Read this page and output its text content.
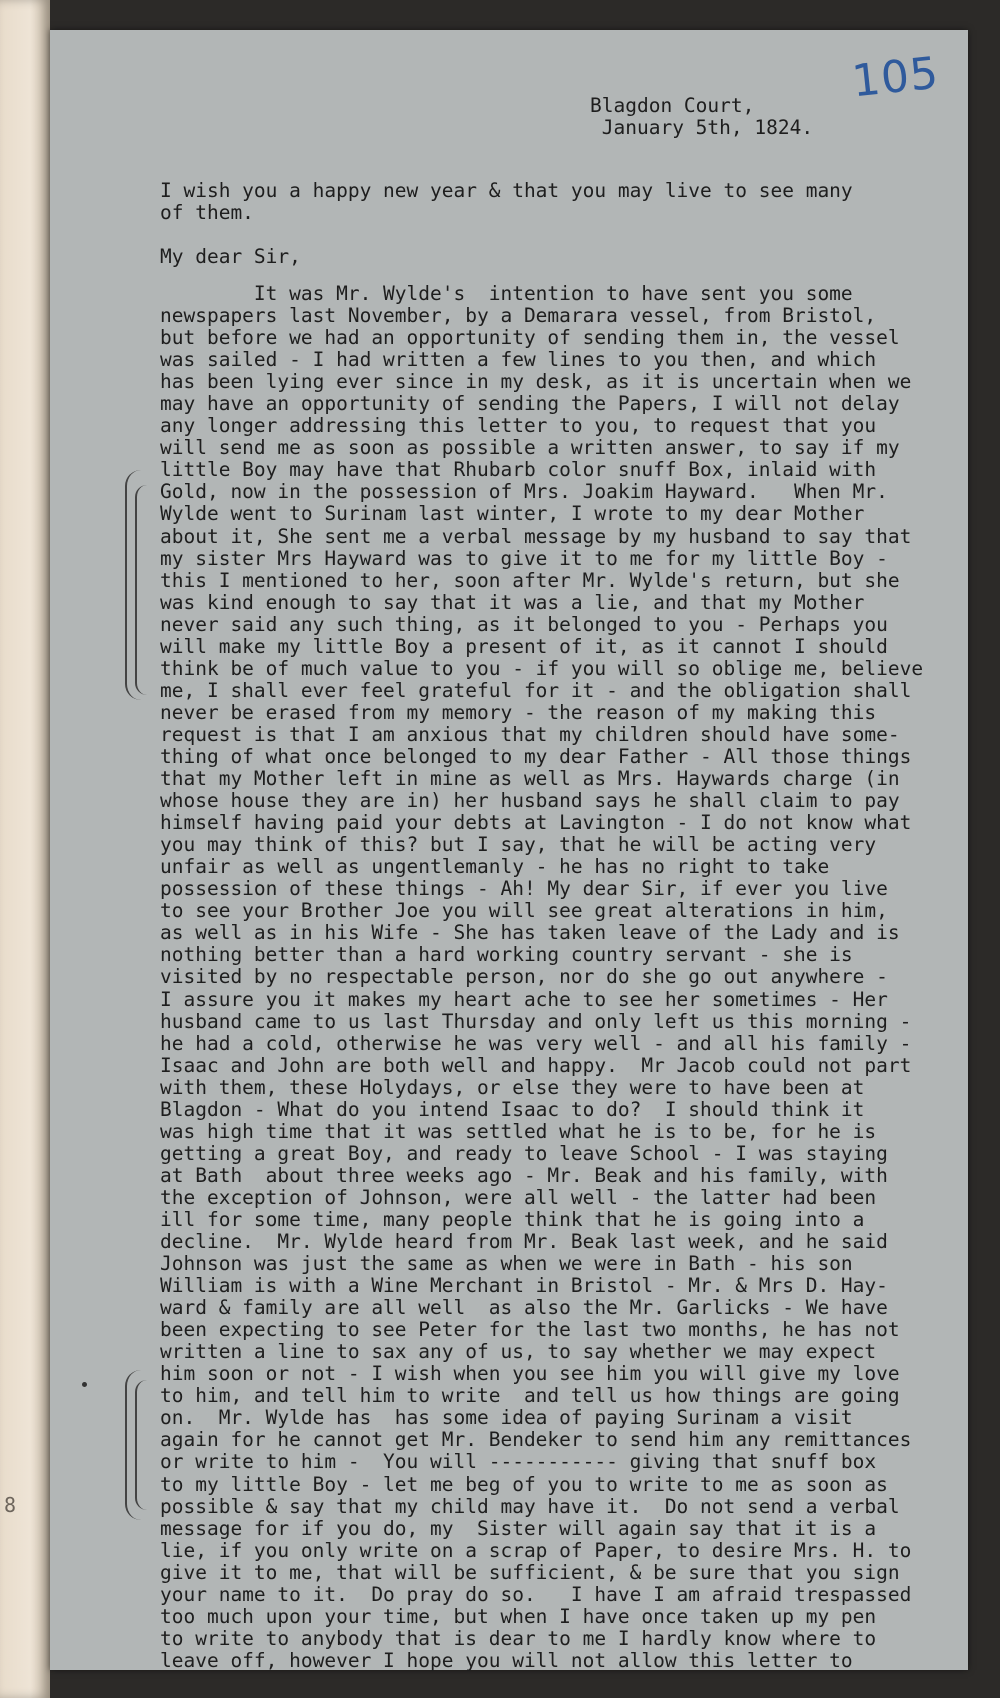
8
105
Blagdon Court,
January 5th, 1824.
I wish you a happy new year & that you may live to see many
of them.
My dear Sir,
It was Mr. Wylde's  intention to have sent you some
newspapers last November, by a Demarara vessel, from Bristol,
but before we had an opportunity of sending them in, the vessel
was sailed - I had written a few lines to you then, and which
has been lying ever since in my desk, as it is uncertain when we
may have an opportunity of sending the Papers, I will not delay
any longer addressing this letter to you, to request that you
will send me as soon as possible a written answer, to say if my
little Boy may have that Rhubarb color snuff Box, inlaid with
Gold, now in the possession of Mrs. Joakim Hayward.   When Mr.
Wylde went to Surinam last winter, I wrote to my dear Mother
about it, She sent me a verbal message by my husband to say that
my sister Mrs Hayward was to give it to me for my little Boy -
this I mentioned to her, soon after Mr. Wylde's return, but she
was kind enough to say that it was a lie, and that my Mother
never said any such thing, as it belonged to you - Perhaps you
will make my little Boy a present of it, as it cannot I should
think be of much value to you - if you will so oblige me, believe
me, I shall ever feel grateful for it - and the obligation shall
never be erased from my memory - the reason of my making this
request is that I am anxious that my children should have some-
thing of what once belonged to my dear Father - All those things
that my Mother left in mine as well as Mrs. Haywards charge (in
whose house they are in) her husband says he shall claim to pay
himself having paid your debts at Lavington - I do not know what
you may think of this? but I say, that he will be acting very
unfair as well as ungentlemanly - he has no right to take
possession of these things - Ah! My dear Sir, if ever you live
to see your Brother Joe you will see great alterations in him,
as well as in his Wife - She has taken leave of the Lady and is
nothing better than a hard working country servant - she is
visited by no respectable person, nor do she go out anywhere -
I assure you it makes my heart ache to see her sometimes - Her
husband came to us last Thursday and only left us this morning -
he had a cold, otherwise he was very well - and all his family -
Isaac and John are both well and happy.  Mr Jacob could not part
with them, these Holydays, or else they were to have been at
Blagdon - What do you intend Isaac to do?  I should think it
was high time that it was settled what he is to be, for he is
getting a great Boy, and ready to leave School - I was staying
at Bath  about three weeks ago - Mr. Beak and his family, with
the exception of Johnson, were all well - the latter had been
ill for some time, many people think that he is going into a
decline.  Mr. Wylde heard from Mr. Beak last week, and he said
Johnson was just the same as when we were in Bath - his son
William is with a Wine Merchant in Bristol - Mr. & Mrs D. Hay-
ward & family are all well  as also the Mr. Garlicks - We have
been expecting to see Peter for the last two months, he has not
written a line to sax any of us, to say whether we may expect
him soon or not - I wish when you see him you will give my love
to him, and tell him to write  and tell us how things are going
on.  Mr. Wylde has  has some idea of paying Surinam a visit
again for he cannot get Mr. Bendeker to send him any remittances
or write to him -  You will ----------- giving that snuff box
to my little Boy - let me beg of you to write to me as soon as
possible & say that my child may have it.  Do not send a verbal
message for if you do, my  Sister will again say that it is a
lie, if you only write on a scrap of Paper, to desire Mrs. H. to
give it to me, that will be sufficient, & be sure that you sign
your name to it.  Do pray do so.   I have I am afraid trespassed
too much upon your time, but when I have once taken up my pen
to write to anybody that is dear to me I hardly know where to
leave off, however I hope you will not allow this letter to
